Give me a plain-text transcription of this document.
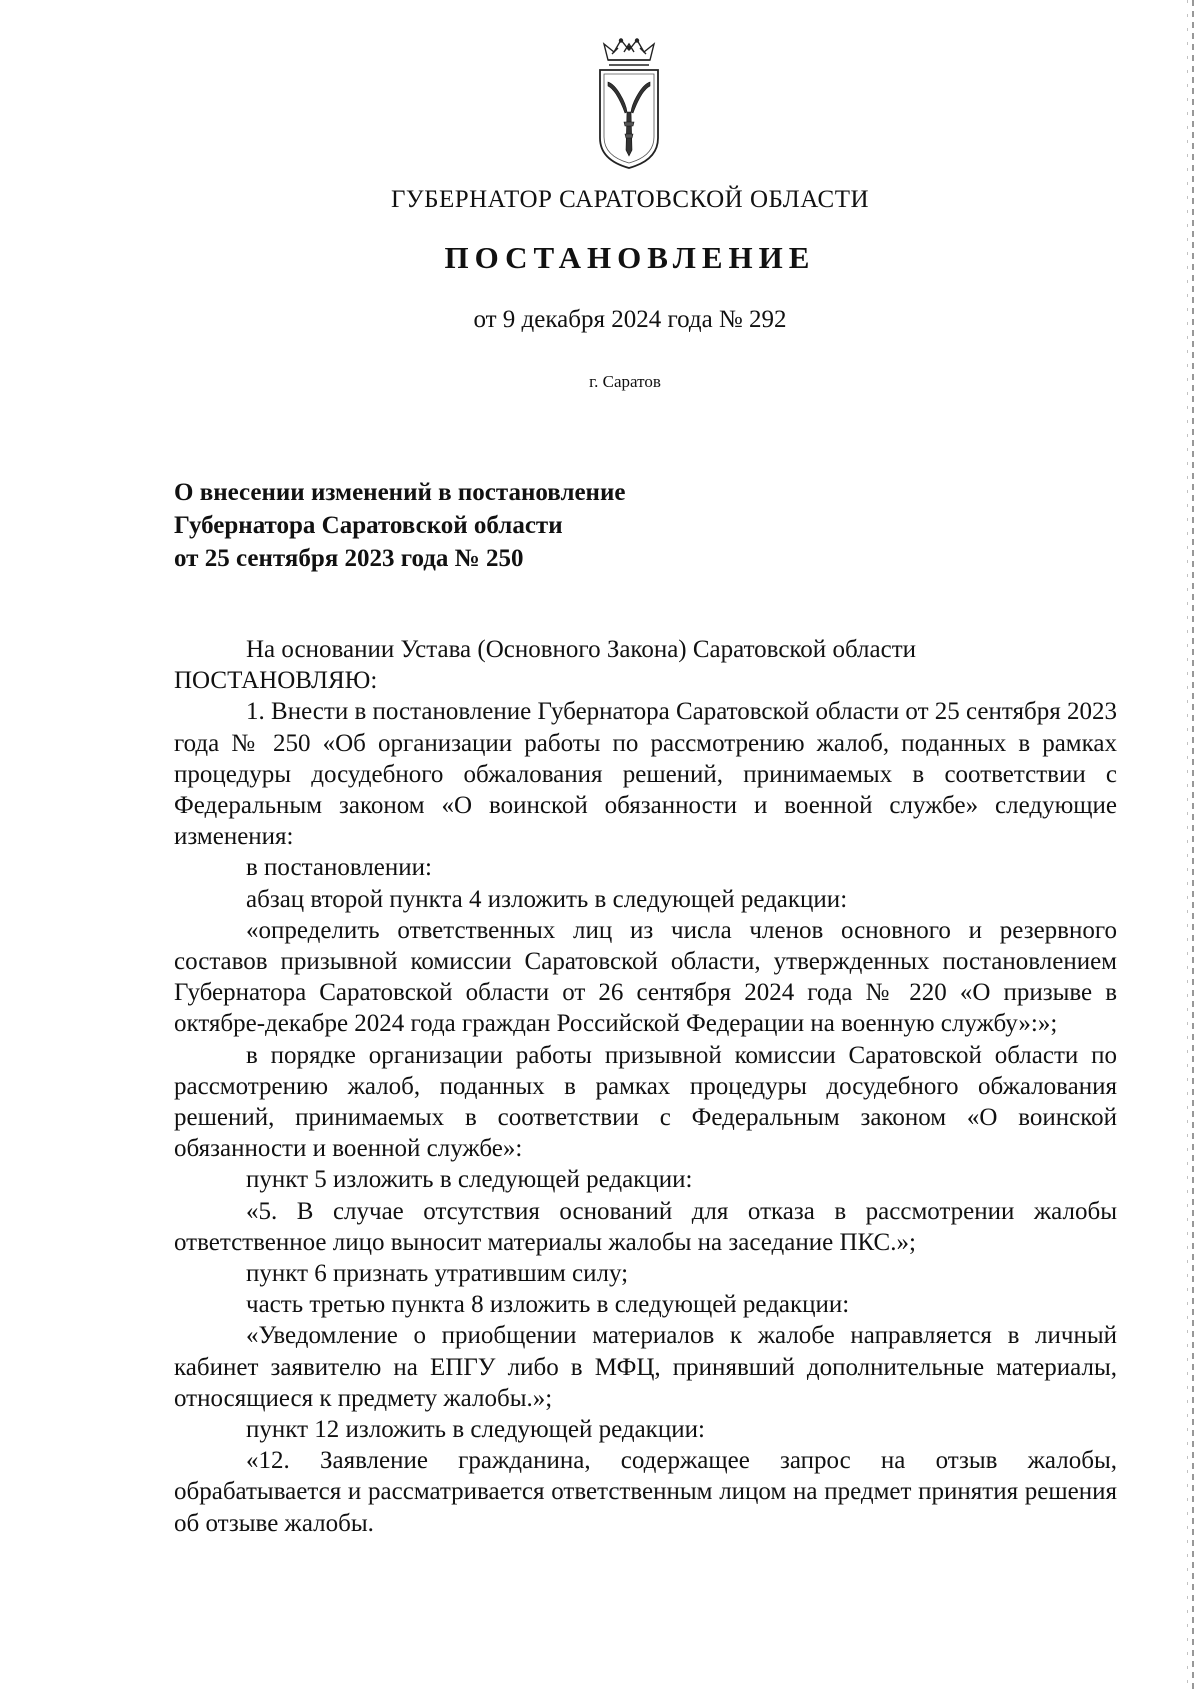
ГУБЕРНАТОР САРАТОВСКОЙ ОБЛАСТИ
ПОСТАНОВЛЕНИЕ
от 9 декабря 2024 года № 292
г. Саратов
О внесении изменений в постановление
Губернатора Саратовской области
от 25 сентября 2023 года № 250

На основании Устава (Основного Закона) Саратовской области

ПОСТАНОВЛЯЮ:

1. Внести в постановление Губернатора Саратовской области от 25 сентября 2023 года № 250 «Об организации работы по рассмотрению жалоб, поданных в рамках процедуры досудебного обжалования решений, принимаемых в соответствии с Федеральным законом «О воинской обязанности и военной службе» следующие изменения:

в постановлении:

абзац второй пункта 4 изложить в следующей редакции:

«определить ответственных лиц из числа членов основного и резервного составов призывной комиссии Саратовской области, утвержденных постановлением Губернатора Саратовской области от 26 сентября 2024 года № 220 «О призыве в октябре-декабре 2024 года граждан Российской Федерации на военную службу»:»;

в порядке организации работы призывной комиссии Саратовской области по рассмотрению жалоб, поданных в рамках процедуры досудебного обжалования решений, принимаемых в соответствии с Федеральным законом «О воинской обязанности и военной службе»:

пункт 5 изложить в следующей редакции:

«5. В случае отсутствия оснований для отказа в рассмотрении жалобы ответственное лицо выносит материалы жалобы на заседание ПКС.»;

пункт 6 признать утратившим силу;

часть третью пункта 8 изложить в следующей редакции:

«Уведомление о приобщении материалов к жалобе направляется в личный кабинет заявителю на ЕПГУ либо в МФЦ, принявший дополнительные материалы, относящиеся к предмету жалобы.»;

пункт 12 изложить в следующей редакции:

«12. Заявление гражданина, содержащее запрос на отзыв жалобы, обрабатывается и рассматривается ответственным лицом на предмет принятия решения об отзыве жалобы.
